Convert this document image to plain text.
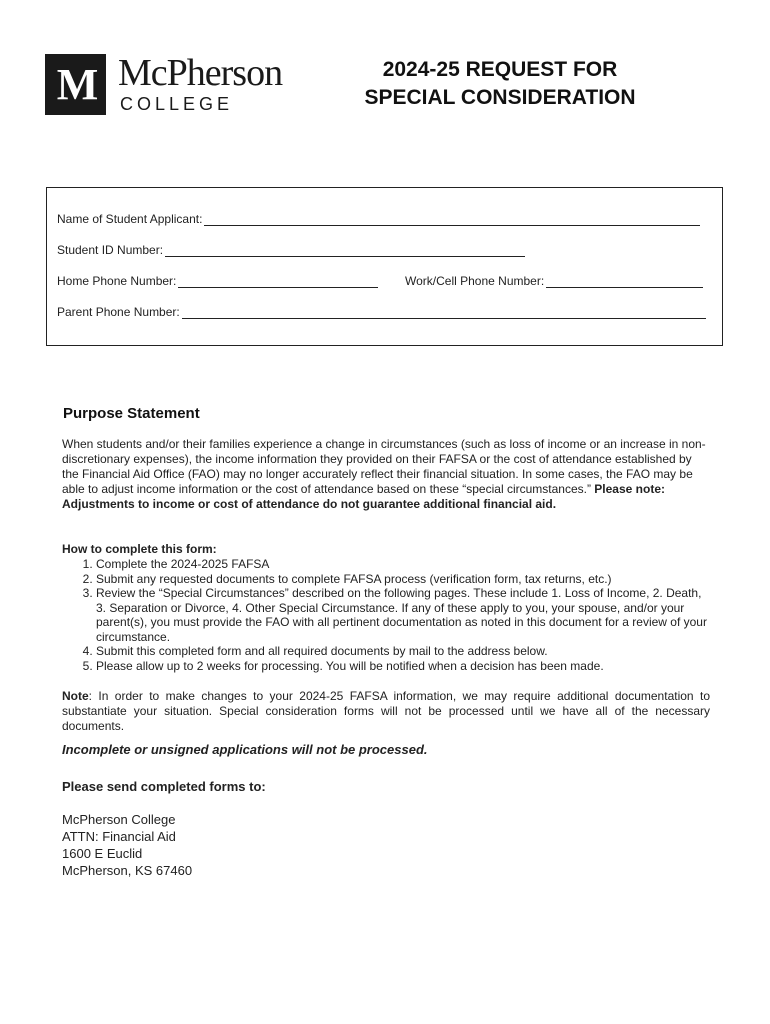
M McPherson
COLLEGE
2024-25 REQUEST FOR
SPECIAL CONSIDERATION
Name of Student Applicant:
Student ID Number:
Home Phone Number:	Work/Cell Phone Number:
Parent Phone Number:
Purpose Statement
When students and/or their families experience a change in circumstances (such as loss of income or an increase in non-discretionary expenses), the income information they provided on their FAFSA or the cost of attendance established by the Financial Aid Office (FAO) may no longer accurately reflect their financial situation. In some cases, the FAO may be able to adjust income information or the cost of attendance based on these “special circumstances.” Please note: Adjustments to income or cost of attendance do not guarantee additional financial aid.
How to complete this form:
1. Complete the 2024-2025 FAFSA
2. Submit any requested documents to complete FAFSA process (verification form, tax returns, etc.)
3. Review the “Special Circumstances” described on the following pages. These include 1. Loss of Income, 2. Death, 3. Separation or Divorce, 4. Other Special Circumstance. If any of these apply to you, your spouse, and/or your parent(s), you must provide the FAO with all pertinent documentation as noted in this document for a review of your circumstance.
4. Submit this completed form and all required documents by mail to the address below.
5. Please allow up to 2 weeks for processing. You will be notified when a decision has been made.
Note: In order to make changes to your 2024-25 FAFSA information, we may require additional documentation to substantiate your situation. Special consideration forms will not be processed until we have all of the necessary documents.
Incomplete or unsigned applications will not be processed.
Please send completed forms to:
McPherson College
ATTN: Financial Aid
1600 E Euclid
McPherson, KS 67460
